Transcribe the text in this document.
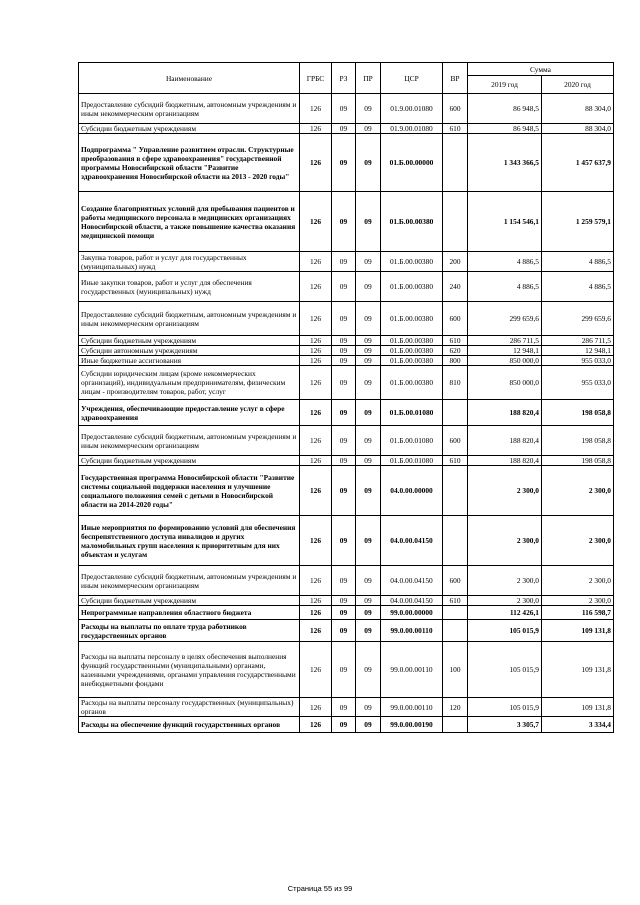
Наименование	ГРБС	РЗ	ПР	ЦСР	ВР	Сумма	
						2019 год	2020 год
Предоставление субсидий бюджетным, автономным учреждениям и иным некоммерческим организациям	126	09	09	01.9.00.01080	600	86 948,5	88 304,0
Субсидии бюджетным учреждениям	126	09	09	01.9.00.01080	610	86 948,5	88 304,0
Подпрограмма " Управление развитием отрасли. Структурные преобразования в сфере здравоохранения" государственной программы Новосибирской области "Развитие здравоохранения Новосибирской области на 2013 - 2020 годы"	126	09	09	01.Б.00.00000		1 343 366,5	1 457 637,9
Создание благоприятных условий для пребывания пациентов и работы медицинского персонала в медицинских организациях Новосибирской области, а также повышение качества оказания медицинской помощи	126	09	09	01.Б.00.00380		1 154 546,1	1 259 579,1
Закупка товаров, работ и услуг для государственных (муниципальных) нужд	126	09	09	01.Б.00.00380	200	4 886,5	4 886,5
Иные закупки товаров, работ и услуг для обеспечения государственных (муниципальных) нужд	126	09	09	01.Б.00.00380	240	4 886,5	4 886,5
Предоставление субсидий бюджетным, автономным учреждениям и иным некоммерческим организациям	126	09	09	01.Б.00.00380	600	299 659,6	299 659,6
Субсидии бюджетным учреждениям	126	09	09	01.Б.00.00380	610	286 711,5	286 711,5
Субсидии автономным учреждениям	126	09	09	01.Б.00.00380	620	12 948,1	12 948,1
Иные бюджетные ассигнования	126	09	09	01.Б.00.00380	800	850 000,0	955 033,0
Субсидии юридическим лицам (кроме некоммерческих организаций), индивидуальным предпринимателям, физическим лицам - производителям товаров, работ, услуг	126	09	09	01.Б.00.00380	810	850 000,0	955 033,0
Учреждения, обеспечивающие предоставление услуг в сфере здравоохранения	126	09	09	01.Б.00.01080		188 820,4	198 058,8
Предоставление субсидий бюджетным, автономным учреждениям и иным некоммерческим организациям	126	09	09	01.Б.00.01080	600	188 820,4	198 058,8
Субсидии бюджетным учреждениям	126	09	09	01.Б.00.01080	610	188 820,4	198 058,8
Государственная программа Новосибирской области "Развитие системы социальной поддержки населения и улучшение социального положения семей с детьми в Новосибирской области на 2014-2020 годы"	126	09	09	04.0.00.00000		2 300,0	2 300,0
Иные мероприятия по формированию условий для обеспечения беспрепятственного доступа инвалидов и других маломобильных групп населения к приоритетным для них объектам и услугам	126	09	09	04.0.00.04150		2 300,0	2 300,0
Предоставление субсидий бюджетным, автономным учреждениям и иным некоммерческим организациям	126	09	09	04.0.00.04150	600	2 300,0	2 300,0
Субсидии бюджетным учреждениям	126	09	09	04.0.00.04150	610	2 300,0	2 300,0
Непрограммные направления областного бюджета	126	09	09	99.0.00.00000		112 426,1	116 598,7
Расходы на выплаты по оплате труда работников государственных органов	126	09	09	99.0.00.00110		105 015,9	109 131,8
Расходы на выплаты персоналу в целях обеспечения выполнения функций государственными (муниципальными) органами, казенными учреждениями, органами управления государственными внебюджетными фондами	126	09	09	99.0.00.00110	100	105 015,9	109 131,8
Расходы на выплаты персоналу государственных (муниципальных) органов	126	09	09	99.0.00.00110	120	105 015,9	109 131,8
Расходы на обеспечение функций государственных органов	126	09	09	99.0.00.00190		3 305,7	3 334,4
Страница 55 из 99
